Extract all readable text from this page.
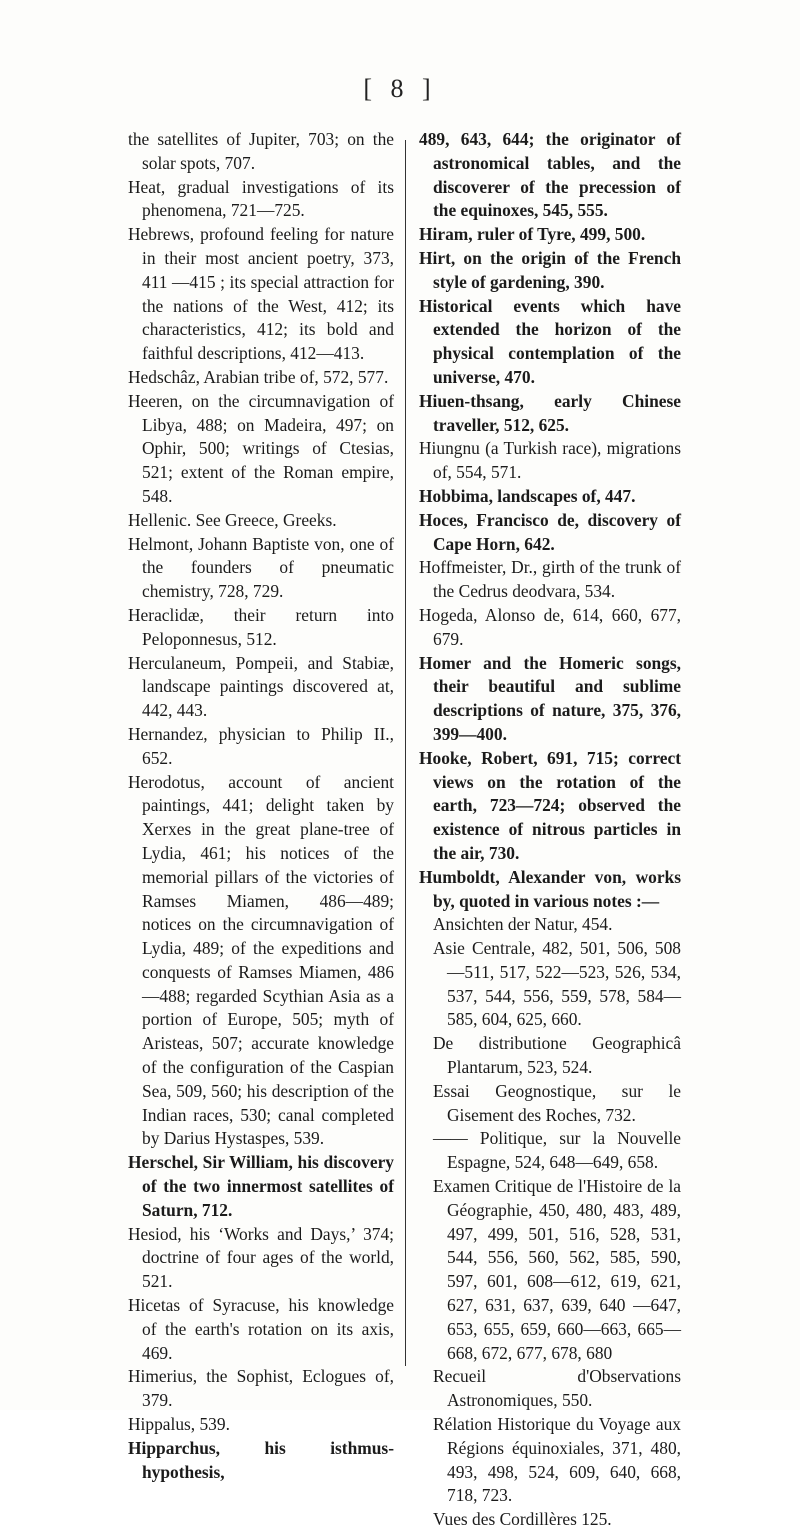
[ 8 ]

the satellites of Jupiter, 703; on the solar spots, 707.

Heat, gradual investigations of its phenomena, 721—725.

Hebrews, profound feeling for nature in their most ancient poetry, 373, 411 —415 ; its special attraction for the nations of the West, 412; its characteristics, 412; its bold and faithful descriptions, 412—413.

Hedschâz, Arabian tribe of, 572, 577.

Heeren, on the circumnavigation of Libya, 488; on Madeira, 497; on Ophir, 500; writings of Ctesias, 521; extent of the Roman empire, 548.

Hellenic. See Greece, Greeks.

Helmont, Johann Baptiste von, one of the founders of pneumatic chemistry, 728, 729.

Heraclidæ, their return into Peloponnesus, 512.

Herculaneum, Pompeii, and Stabiæ, landscape paintings discovered at, 442, 443.

Hernandez, physician to Philip II., 652.

Herodotus, account of ancient paintings, 441; delight taken by Xerxes in the great plane-tree of Lydia, 461; his notices of the memorial pillars of the victories of Ramses Miamen, 486—489; notices on the circumnavigation of Lydia, 489; of the expeditions and conquests of Ramses Miamen, 486—488; regarded Scythian Asia as a portion of Europe, 505; myth of Aristeas, 507; accurate knowledge of the configuration of the Caspian Sea, 509, 560; his description of the Indian races, 530; canal completed by Darius Hystaspes, 539.

Herschel, Sir William, his discovery of the two innermost satellites of Saturn, 712.

Hesiod, his ‘Works and Days,’ 374; doctrine of four ages of the world, 521.

Hicetas of Syracuse, his knowledge of the earth's rotation on its axis, 469.

Himerius, the Sophist, Eclogues of, 379.

Hippalus, 539.

Hipparchus, his isthmus-hypothesis,

489, 643, 644; the originator of astronomical tables, and the discoverer of the precession of the equinoxes, 545, 555.

Hiram, ruler of Tyre, 499, 500.

Hirt, on the origin of the French style of gardening, 390.

Historical events which have extended the horizon of the physical contemplation of the universe, 470.

Hiuen-thsang, early Chinese traveller, 512, 625.

Hiungnu (a Turkish race), migrations of, 554, 571.

Hobbima, landscapes of, 447.

Hoces, Francisco de, discovery of Cape Horn, 642.

Hoffmeister, Dr., girth of the trunk of the Cedrus deodvara, 534.

Hogeda, Alonso de, 614, 660, 677, 679.

Homer and the Homeric songs, their beautiful and sublime descriptions of nature, 375, 376, 399—400.

Hooke, Robert, 691, 715; correct views on the rotation of the earth, 723—724; observed the existence of nitrous particles in the air, 730.

Humboldt, Alexander von, works by, quoted in various notes :—

Ansichten der Natur, 454.

Asie Centrale, 482, 501, 506, 508 —511, 517, 522—523, 526, 534, 537, 544, 556, 559, 578, 584—585, 604, 625, 660.

De distributione Geographicâ Plantarum, 523, 524.

Essai Geognostique, sur le Gisement des Roches, 732.

—— Politique, sur la Nouvelle Espagne, 524, 648—649, 658.

Examen Critique de l'Histoire de la Géographie, 450, 480, 483, 489, 497, 499, 501, 516, 528, 531, 544, 556, 560, 562, 585, 590, 597, 601, 608—612, 619, 621, 627, 631, 637, 639, 640 —647, 653, 655, 659, 660—663, 665—668, 672, 677, 678, 680

Recueil d'Observations Astronomiques, 550.

Rélation Historique du Voyage aux Régions équinoxiales, 371, 480, 493, 498, 524, 609, 640, 668, 718, 723.

Vues des Cordillères 125.
